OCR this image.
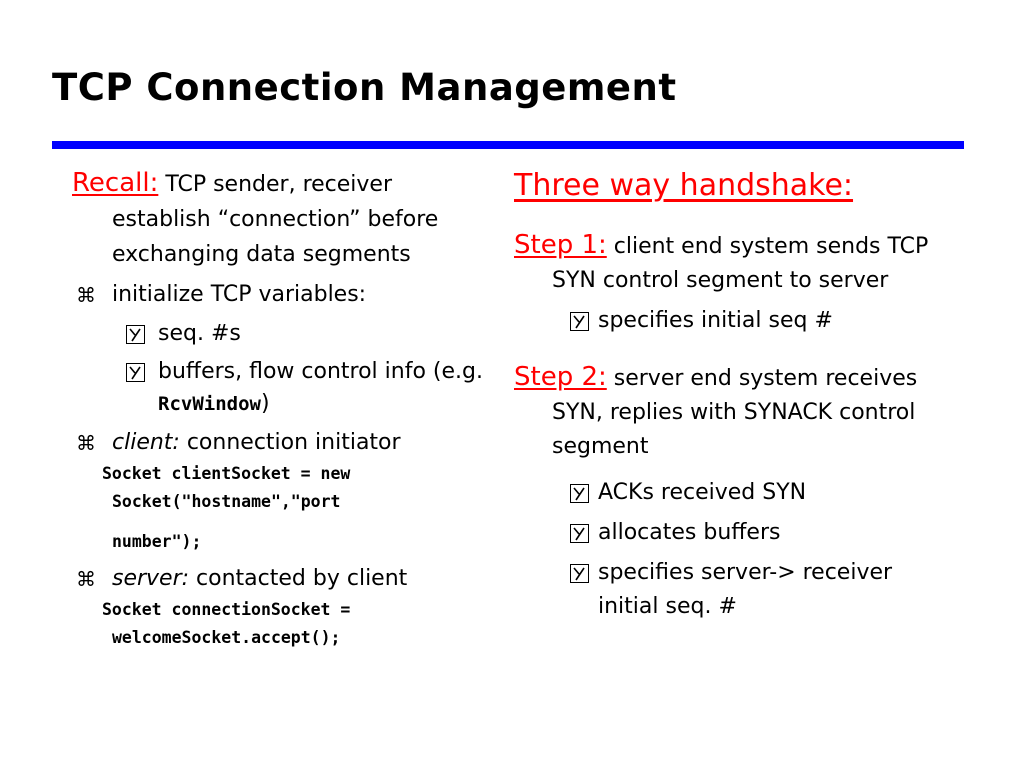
TCP Connection Management
Recall: TCP sender, receiver establish “connection” before exchanging data segments
⌘ initialize TCP variables:
seq. #s
buffers, flow control info (e.g. RcvWindow)
⌘ client: connection initiator
Socket clientSocket = new
Socket("hostname","port
number");
⌘ server: contacted by client
Socket connectionSocket =
welcomeSocket.accept();
Three way handshake:
Step 1: client end system sends TCP SYN control segment to server
specifies initial seq #
Step 2: server end system receives SYN, replies with SYNACK control segment
ACKs received SYN
allocates buffers
specifies server-> receiver initial seq. #
